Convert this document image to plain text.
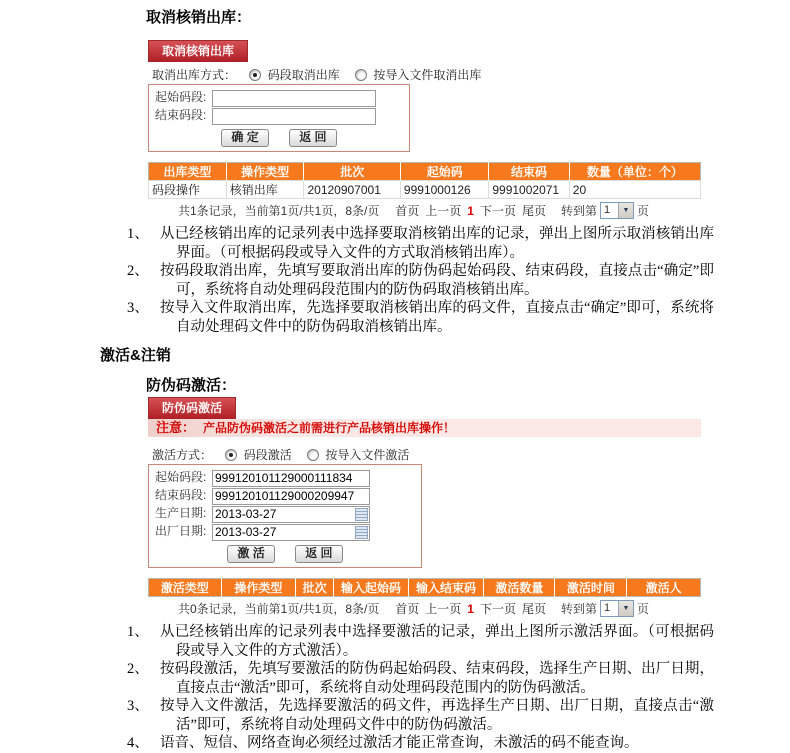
取消核销出库：
取消核销出库
取消出库方式：	码段取消出库	按导入文件取消出库
起始码段:
结束码段:
确 定	返 回
出库类型	操作类型	批次	起始码	结束码	数量（单位：个）
码段操作	核销出库	20120907001	9991000126	9991002071	20
共1条记录，当前第1页/共1页，8条/页 首页 上一页 1 下一页 尾页 转到第 1	▼ 页
1、 从已经核销出库的记录列表中选择要取消核销出库的记录，弹出上图所示取消核销出库界面。（可根据码段或导入文件的方式取消核销出库）。
2、 按码段取消出库，先填写要取消出库的防伪码起始码段、结束码段，直接点击“确定”即可，系统将自动处理码段范围内的防伪码取消核销出库。
3、 按导入文件取消出库，先选择要取消核销出库的码文件，直接点击“确定”即可，系统将自动处理码文件中的防伪码取消核销出库。
激活&注销
防伪码激活：
防伪码激活
注意： 产品防伪码激活之前需进行产品核销出库操作！
激活方式：	码段激活	按导入文件激活
起始码段:999120101129000111834
结束码段:999120101129000209947
生产日期:2013-03-27
出厂日期:2013-03-27
激 活	返 回
激活类型	操作类型	批次	输入起始码	输入结束码	激活数量	激活时间	激活人
共0条记录，当前第1页/共1页，8条/页 首页 上一页 1 下一页 尾页 转到第 1	▼ 页
1、 从已经核销出库的记录列表中选择要激活的记录，弹出上图所示激活界面。（可根据码段或导入文件的方式激活）。
2、 按码段激活，先填写要激活的防伪码起始码段、结束码段，选择生产日期、出厂日期，直接点击“激活”即可，系统将自动处理码段范围内的防伪码激活。
3、 按导入文件激活，先选择要激活的码文件，再选择生产日期、出厂日期，直接点击“激活”即可，系统将自动处理码文件中的防伪码激活。
4、 语音、短信、网络查询必须经过激活才能正常查询，未激活的码不能查询。
